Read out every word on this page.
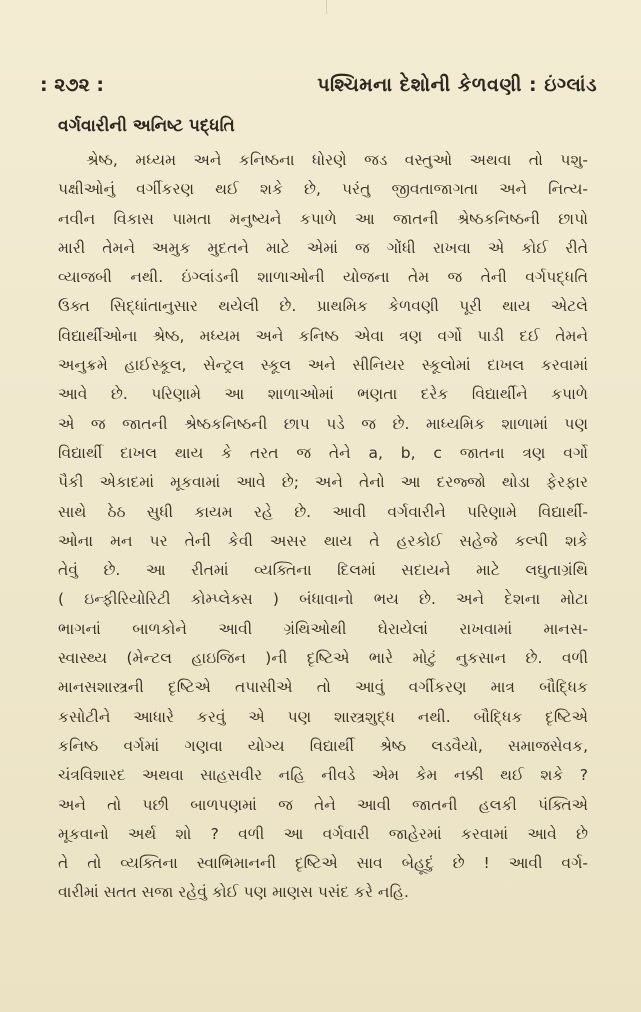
: ૨૭૨ :	પશ્ચિમના દેશોની કેળવણી : ઇંગ્લાંડ
વર્ગવારીની અનિષ્ટ પદ્ધતિ
શ્રેષ્ઠ, મધ્યમ અને કનિષ્ઠના ધોરણે જડ વસ્તુઓ અથવા તો પશુ-
પક્ષીઓનું વર્ગીકરણ થઈ શકે છે, પરંતુ જીવતાજાગતા અને નિત્ય-
નવીન વિકાસ પામતા મનુષ્યને કપાળે આ જાતની શ્રેષ્ઠકનિષ્ઠની છાપો
મારી તેમને અમુક મુદતને માટે એમાં જ ગોંધી રાખવા એ કોઈ રીતે
વ્યાજબી નથી. ઇંગ્લાંડની શાળાઓની યોજના તેમ જ તેની વર્ગપદ્ધતિ
ઉક્ત સિદ્ધાંતાનુસાર થયેલી છે. પ્રાથમિક કેળવણી પૂરી થાય એટલે
વિદ્યાર્થીઓના શ્રેષ્ઠ, મધ્યમ અને કનિષ્ઠ એવા ત્રણ વર્ગો પાડી દઈ તેમને
અનુક્રમે હાઈસ્કૂલ, સેન્ટ્રલ સ્કૂલ અને સીનિયર સ્કૂલોમાં દાખલ કરવામાં
આવે છે. પરિણામે આ શાળાઓમાં ભણતા દરેક વિદ્યાર્થીને કપાળે
એ જ જાતની શ્રેષ્ઠકનિષ્ઠની છાપ પડે જ છે. માધ્યમિક શાળામાં પણ
વિદ્યાર્થી દાખલ થાય કે તરત જ તેને a, b, c જાતના ત્રણ વર્ગો
પૈકી એકાદમાં મૂકવામાં આવે છે; અને તેનો આ દરજ્જો થોડા ફેરફાર
સાથે ઠેઠ સુધી કાયમ રહે છે. આવી વર્ગવારીને પરિણામે વિદ્યાર્થી-
ઓના મન પર તેની કેવી અસર થાય તે હરકોઈ સહેજે કલ્પી શકે
તેવું છે. આ રીતમાં વ્યક્તિના દિલમાં સદાયને માટે લઘુતાગ્રંથિ
( ઇન્ફીરિયોરિટી કોમ્પ્લેક્સ ) બંધાવાનો ભય છે. અને દેશના મોટા
ભાગનાં બાળકોને આવી ગ્રંથિઓથી ઘેરાયેલાં રાખવામાં માનસ-
સ્વાસ્થ્ય (મેન્ટલ હાઇજિન )ની દૃષ્ટિએ ભારે મોટું નુકસાન છે. વળી
માનસશાસ્ત્રની દૃષ્ટિએ તપાસીએ તો આવું વર્ગીકરણ માત્ર બૌદ્ધિક
કસોટીને આધારે કરવું એ પણ શાસ્ત્રશુદ્ધ નથી. બૌદ્ધિક દૃષ્ટિએ
કનિષ્ઠ વર્ગમાં ગણવા યોગ્ય વિદ્યાર્થી શ્રેષ્ઠ લડવૈયો, સમાજસેવક,
ચંત્રવિશારદ અથવા સાહસવીર નહિ નીવડે એમ કેમ નક્કી થઈ શકે ?
અને તો પછી બાળપણમાં જ તેને આવી જાતની હલકી પંક્તિએ
મૂકવાનો અર્થ શો ? વળી આ વર્ગવારી જાહેરમાં કરવામાં આવે છે
તે તો વ્યક્તિના સ્વાભિમાનની દૃષ્ટિએ સાવ બેહૂદું છે ! આવી વર્ગ-
વારીમાં સતત સજા રહેવું કોઈ પણ માણસ પસંદ કરે નહિ.
